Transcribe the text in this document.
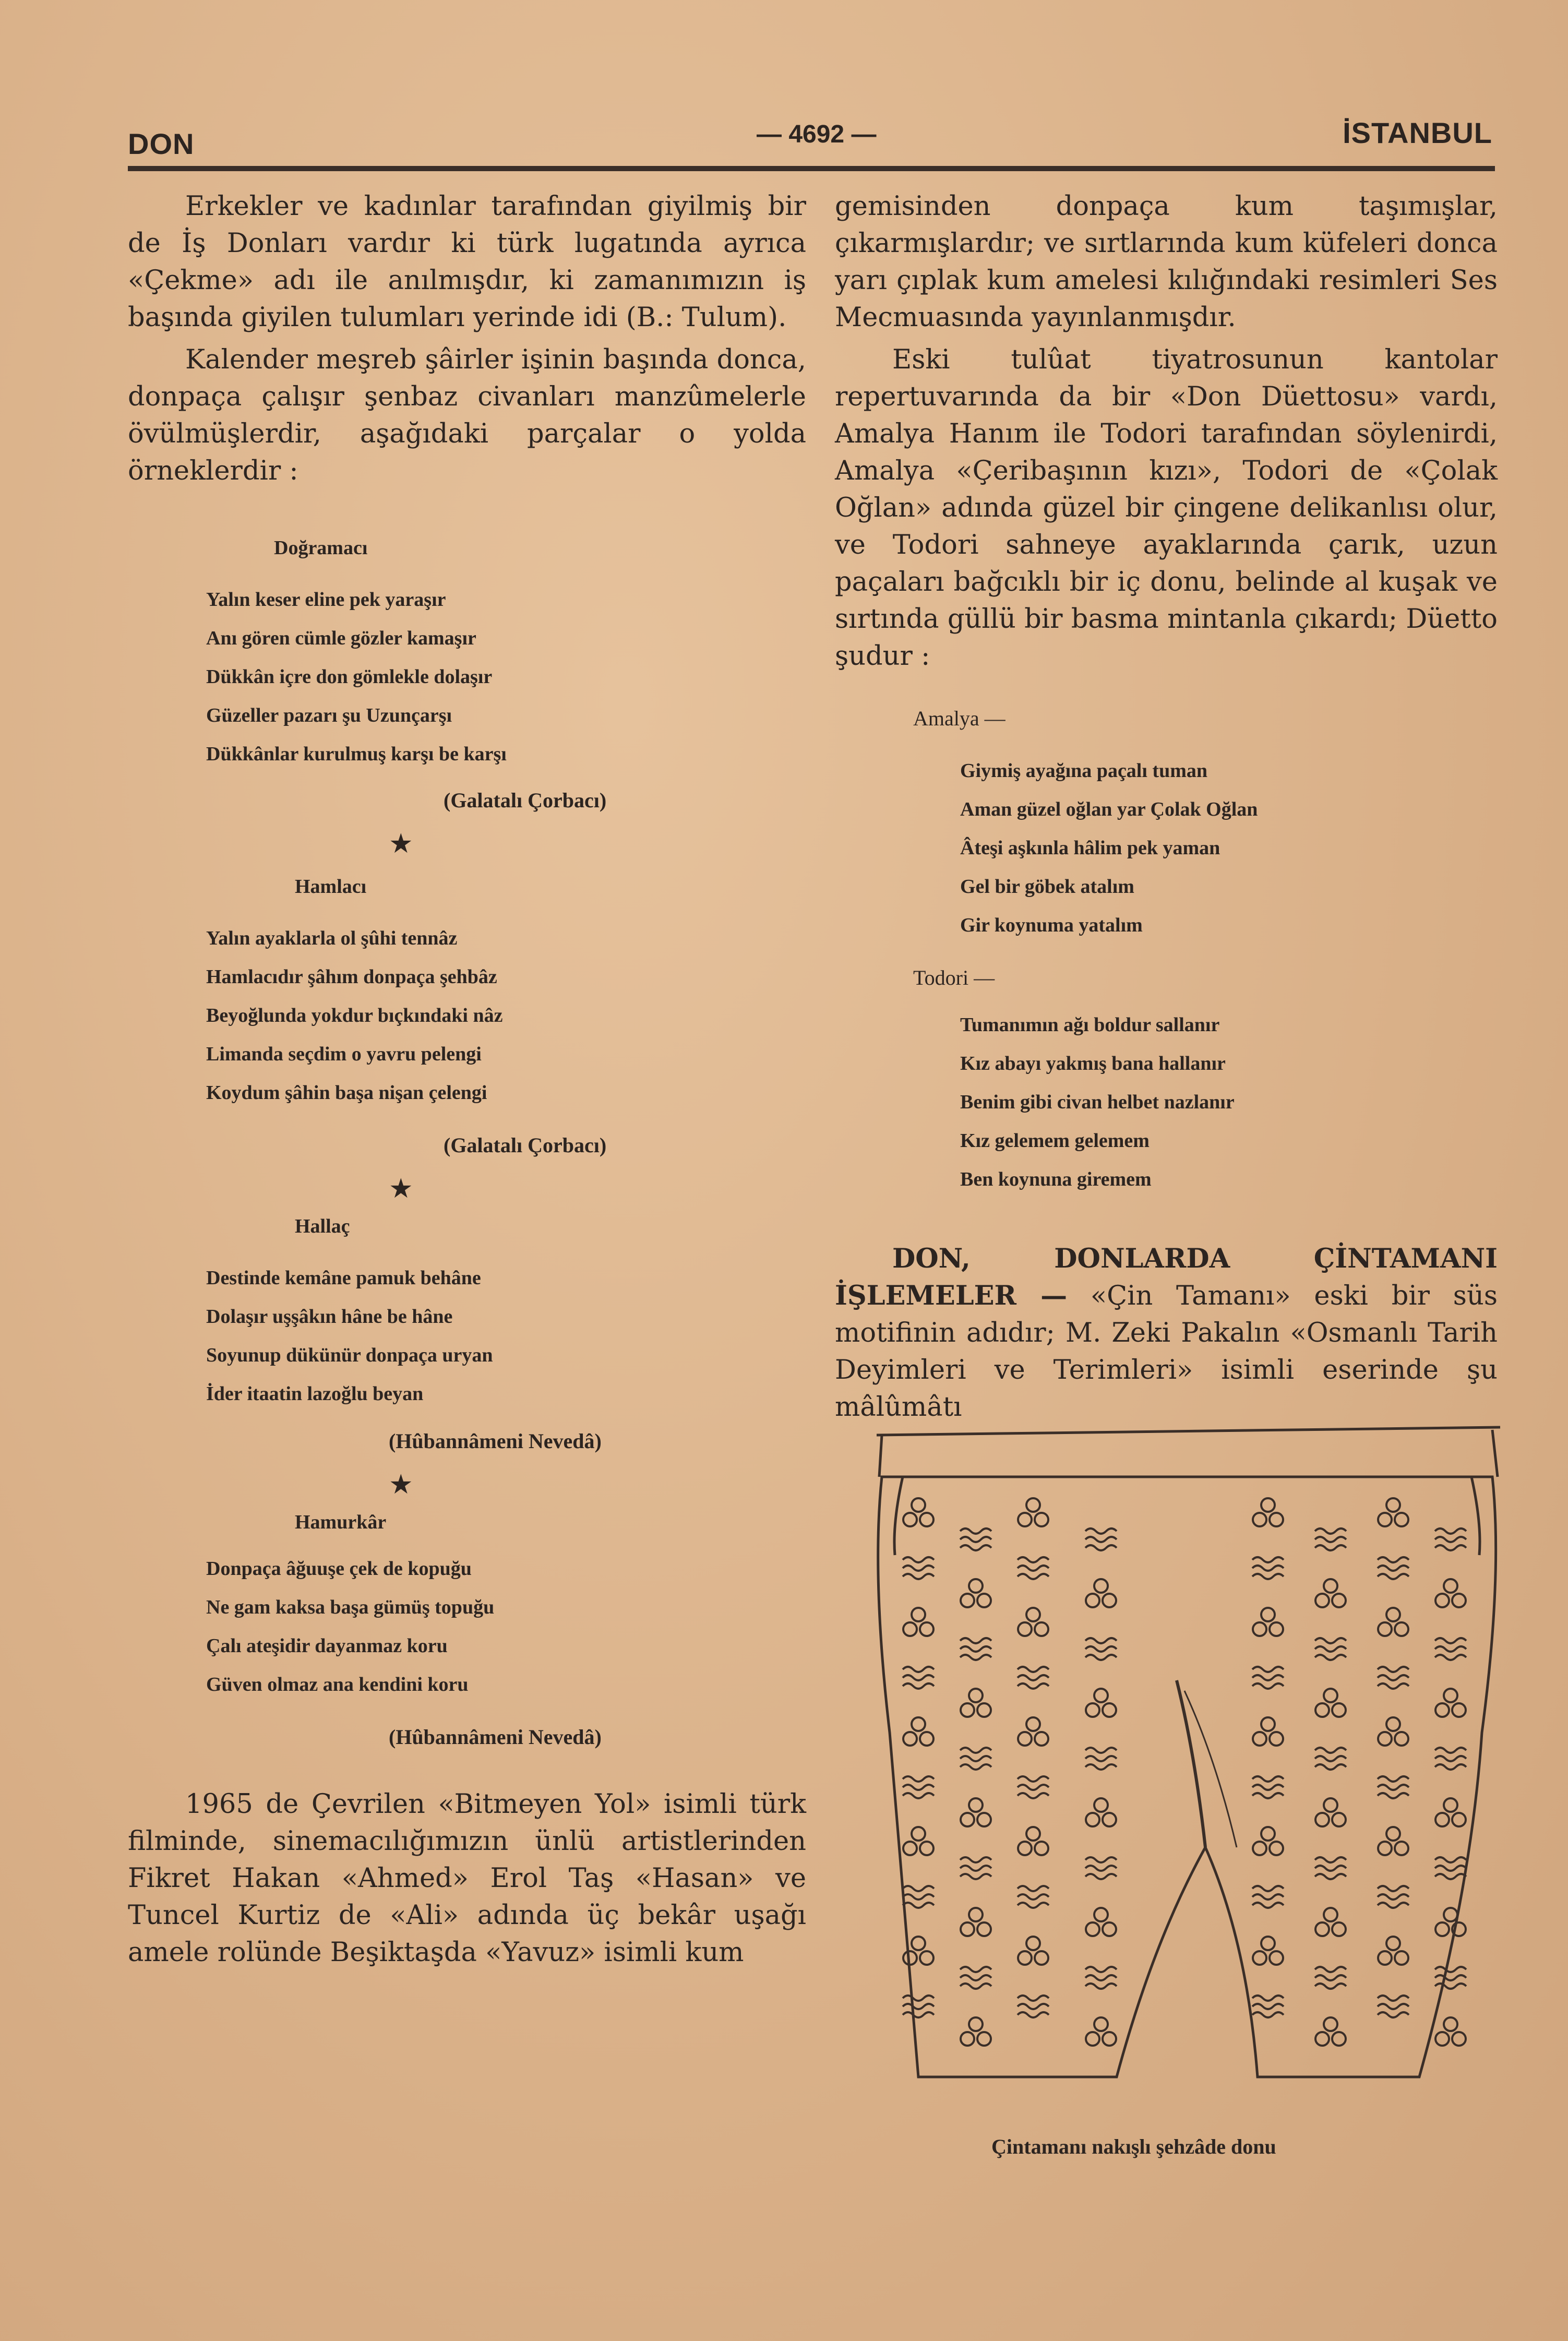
DON	— 4692 —	İSTANBUL

Erkekler ve kadınlar tarafından giyilmiş bir de İş Donları vardır ki türk lugatında ayrıca «Çekme» adı ile anılmışdır, ki zamanımızın iş başında giyilen tulumları yerinde idi (B.: Tulum).

Kalender meşreb şâirler işinin başında donca, donpaça çalışır şenbaz civanları manzûmelerle övülmüşlerdir, aşağıdaki parçalar o yolda örneklerdir :

Doğramacı

Yalın keser eline pek yaraşır

Anı gören cümle gözler kamaşır

Dükkân içre don gömlekle dolaşır

Güzeller pazarı şu Uzunçarşı

Dükkânlar kurulmuş karşı be karşı

(Galatalı Çorbacı)

★

Hamlacı

Yalın ayaklarla ol şûhi tennâz

Hamlacıdır şâhım donpaça şehbâz

Beyoğlunda yokdur bıçkındaki nâz

Limanda seçdim o yavru pelengi

Koydum şâhin başa nişan çelengi

(Galatalı Çorbacı)

★

Hallaç

Destinde kemâne pamuk behâne

Dolaşır uşşâkın hâne be hâne

Soyunup dükünür donpaça uryan

İder itaatin lazoğlu beyan

(Hûbannâmeni Nevedâ)

★

Hamurkâr

Donpaça âğuuşe çek de kopuğu

Ne gam kaksa başa gümüş topuğu

Çalı ateşidir dayanmaz koru

Güven olmaz ana kendini koru

(Hûbannâmeni Nevedâ)

1965 de Çevrilen «Bitmeyen Yol» isimli türk filminde, sinemacılığımızın ünlü artistlerinden Fikret Hakan «Ahmed» Erol Taş «Hasan» ve Tuncel Kurtiz de «Ali» adında üç bekâr uşağı amele rolünde Beşiktaşda «Yavuz» isimli kum

gemisinden donpaça kum taşımışlar, çıkarmışlardır; ve sırtlarında kum küfeleri donca yarı çıplak kum amelesi kılığındaki resimleri Ses Mecmuasında yayınlanmışdır.

Eski tulûat tiyatrosunun kantolar repertuvarında da bir «Don Düettosu» vardı, Amalya Hanım ile Todori tarafından söylenirdi, Amalya «Çeribaşının kızı», Todori de «Çolak Oğlan» adında güzel bir çingene delikanlısı olur, ve Todori sahneye ayaklarında çarık, uzun paçaları bağcıklı bir iç donu, belinde al kuşak ve sırtında güllü bir basma mintanla çıkardı; Düetto şudur :

Amalya —

Giymiş ayağına paçalı tuman

Aman güzel oğlan yar Çolak Oğlan

Âteşi aşkınla hâlim pek yaman

Gel bir göbek atalım

Gir koynuma yatalım

Todori —

Tumanımın ağı boldur sallanır

Kız abayı yakmış bana hallanır

Benim gibi civan helbet nazlanır

Kız gelemem gelemem

Ben koynuna giremem

DON, DONLARDA ÇİNTAMANI İŞLEMELER — «Çin Tamanı» eski bir süs motifinin adıdır; M. Zeki Pakalın «Osmanlı Tarih Deyimleri ve Terimleri» isimli eserinde şu mâlûmâtı

Çintamanı nakışlı şehzâde donu
